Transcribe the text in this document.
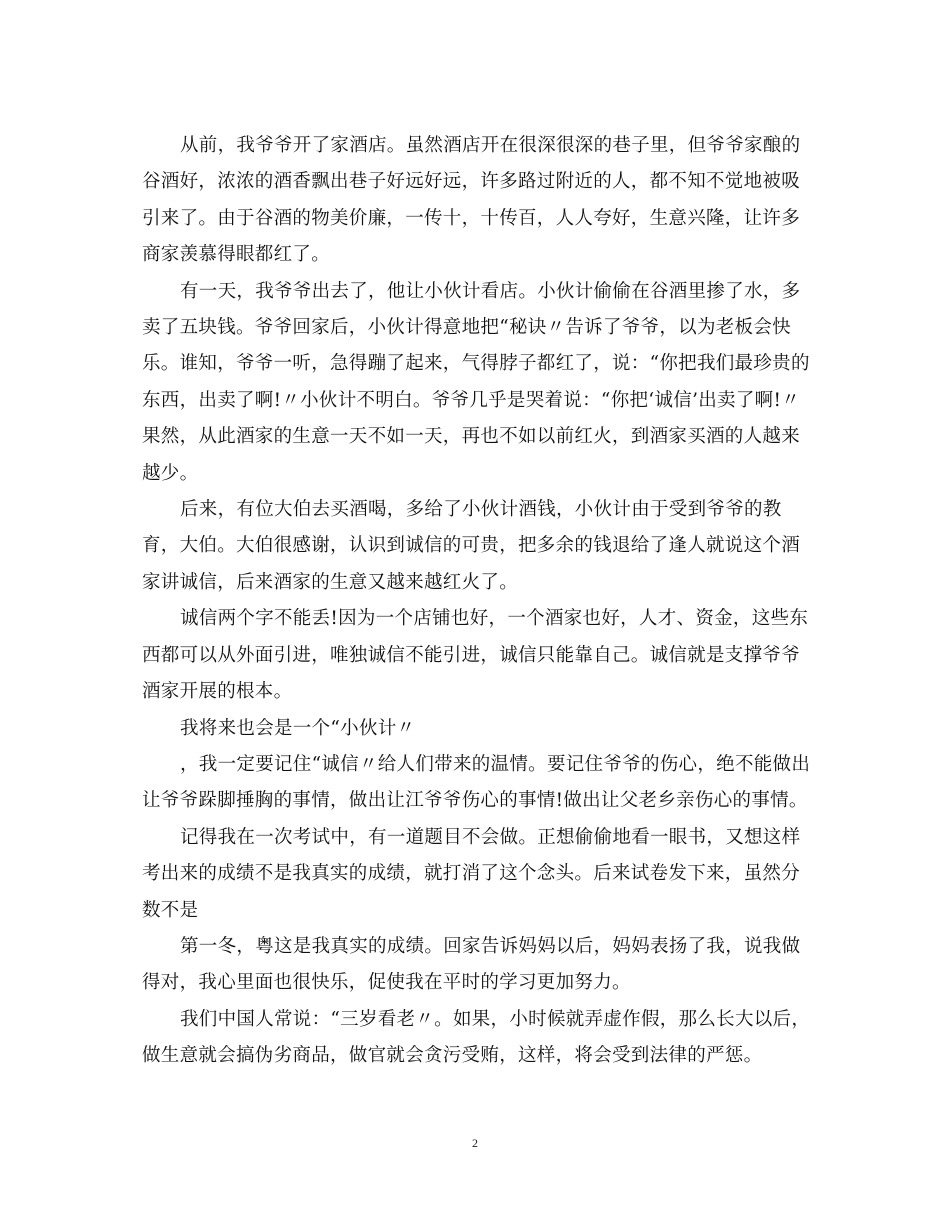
从前，我爷爷开了家酒店。虽然酒店开在很深很深的巷子里，但爷爷家酿的谷酒好，浓浓的酒香飘出巷子好远好远，许多路过附近的人，都不知不觉地被吸引来了。由于谷酒的物美价廉，一传十，十传百，人人夸好，生意兴隆，让许多商家羡慕得眼都红了。

有一天，我爷爷出去了，他让小伙计看店。小伙计偷偷在谷酒里掺了水，多卖了五块钱。爷爷回家后，小伙计得意地把“秘诀〃告诉了爷爷，以为老板会快乐。谁知，爷爷一听，急得蹦了起来，气得脖子都红了，说：“你把我们最珍贵的东西，出卖了啊!〃小伙计不明白。爷爷几乎是哭着说：“你把‘诚信’出卖了啊!〃果然，从此酒家的生意一天不如一天，再也不如以前红火，到酒家买酒的人越来越少。

后来，有位大伯去买酒喝，多给了小伙计酒钱，小伙计由于受到爷爷的教育，大伯。大伯很感谢，认识到诚信的可贵，把多余的钱退给了逢人就说这个酒家讲诚信，后来酒家的生意又越来越红火了。

诚信两个字不能丢!因为一个店铺也好，一个酒家也好，人才、资金，这些东西都可以从外面引进，唯独诚信不能引进，诚信只能靠自己。诚信就是支撑爷爷酒家开展的根本。

我将来也会是一个“小伙计〃

，我一定要记住“诚信〃给人们带来的温情。要记住爷爷的伤心，绝不能做出让爷爷跺脚捶胸的事情，做出让江爷爷伤心的事情!做出让父老乡亲伤心的事情。

记得我在一次考试中，有一道题目不会做。正想偷偷地看一眼书，又想这样考出来的成绩不是我真实的成绩，就打消了这个念头。后来试卷发下来，虽然分数不是

第一冬，粤这是我真实的成绩。回家告诉妈妈以后，妈妈表扬了我，说我做得对，我心里面也很快乐，促使我在平时的学习更加努力。

我们中国人常说：“三岁看老〃。如果，小时候就弄虚作假，那么长大以后，做生意就会搞伪劣商品，做官就会贪污受贿，这样，将会受到法律的严惩。

2
